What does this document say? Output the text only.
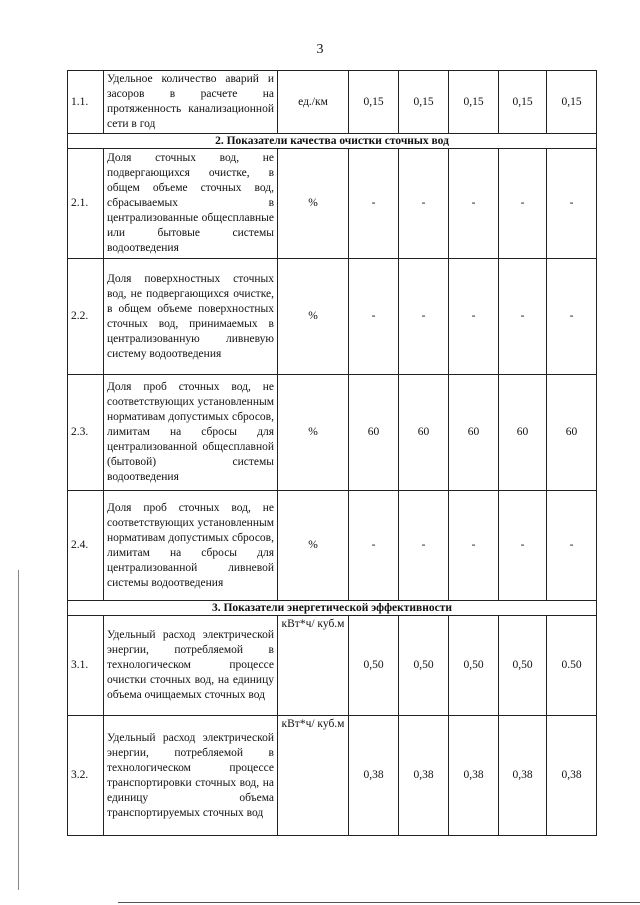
3
1.1.	Удельное количество аварий и засоров в расчете на протяженность канализационной сети в год	ед./км	0,15	0,15	0,15	0,15	0,15
2. Показатели качества очистки сточных вод							
2.1.	Доля сточных вод, не подвергающихся очистке, в общем объеме сточных вод, сбрасываемых в централизованные общесплавные или бытовые системы водоотведения	%	-	-	-	-	-
2.2.	Доля поверхностных сточных вод, не подвергающихся очистке, в общем объеме поверхностных сточных вод, принимаемых в централизованную ливневую систему водоотведения	%	-	-	-	-	-
2.3.	Доля проб сточных вод, не соответствующих установленным нормативам допустимых сбросов, лимитам на сбросы для централизованной общесплавной (бытовой) системы водоотведения	%	60	60	60	60	60
2.4.	Доля проб сточных вод, не соответствующих установленным нормативам допустимых сбросов, лимитам на сбросы для централизованной ливневой системы водоотведения	%	-	-	-	-	-
3. Показатели энергетической эффективности							
3.1.	Удельный расход электрической энергии, потребляемой в технологическом процессе очистки сточных вод, на единицу объема очищаемых сточных вод	кВт*ч/ куб.м	0,50	0,50	0,50	0,50	0.50
3.2.	Удельный расход электрической энергии, потребляемой в технологическом процессе транспортировки сточных вод, на единицу объема транспортируемых сточных вод	кВт*ч/ куб.м	0,38	0,38	0,38	0,38	0,38
